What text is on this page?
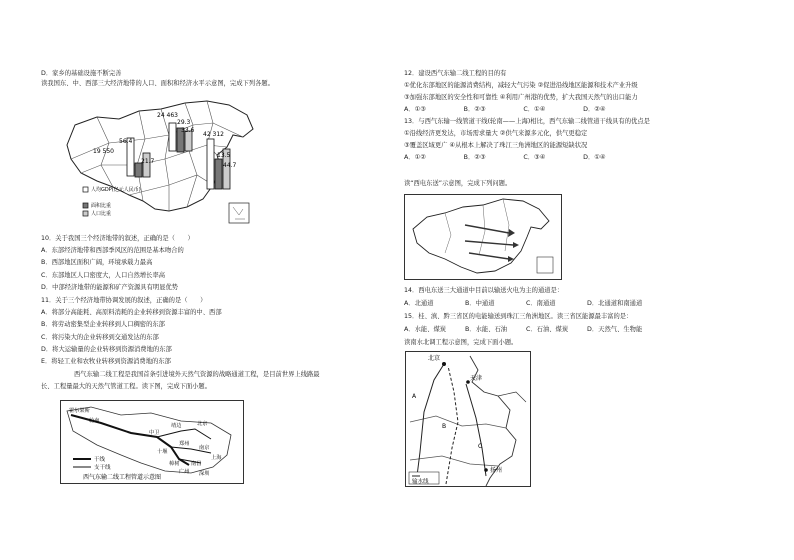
D．家乡的基础设施不断完善
读我国东、中、西部三大经济地带的人口、面积和经济水平示意图，完成下列各题。
56.4
19 550
21.7
24 463
29.3
33.6
42 312
13.5
44.7
人均GDP(亿元人民币)
面积比重
人口比重
10．关于我国三个经济地带的叙述，正确的是（　　）
A．东部经济地带和西部季风区的范围是基本吻合的
B．西部地区面积广阔，环境承载力最高
C．东部地区人口密度大，人口自然增长率高
D．中部经济地带的能源和矿产资源具有明显优势
11．关于三个经济地带协调发展的叙述，正确的是（　　）
A．将部分高能耗、高原料消耗的企业转移到资源丰富的中、西部
B．将劳动密集型企业转移到人口稠密的东部
C．将污染大的企业转移到交通发达的东部
D．将大运输量的企业转移到资源消费地的东部
E．将轻工业和农牧业转移到资源消费地的东部
西气东输二线工程是我国首条引进境外天然气资源的战略通道工程，是目前世界上线路最
长、工程量最大的天然气管道工程。读下图，完成下面小题。
霍尔果斯
轮南
中卫
靖边	北京
郑州
南京
上海
十堰
南昌
广州 深圳
樟树
干线
支干线
西气东输二线工程管道示意图
12．建设西气东输二线工程的目的有
①优化东部地区的能源消费结构，减轻大气污染 ②促进沿线地区能源和技术产业升级
③加强东部地区的安全性和可靠性 ④利用广州港的优势，扩大我国天然气的出口能力
A．①③　　　　　　B．②③　　　　　　C．①④　　　　　　D．②④
13．与西气东输一线管道干线(轮南——上海)相比，西气东输二线管道干线具有的优点是
①沿线经济更发达，市场需求量大 ②供气来源多元化，供气更稳定
③覆盖区域更广 ④从根本上解决了珠江三角洲地区的能源短缺状况
A．①②　　　　　　B．②③　　　　　　C．③④　　　　　　D．①④
读“西电东送”示意图，完成下列问题。
14．西电东送三大通道中目前以输送火电为主的通道是：
A．北通道　　　　　B．中通道　　　　　C．南通道　　　　　D．北通道和南通道
15．桂、滇、黔三省区的电能输送到珠江三角洲地区。读三省区能源最丰富的是：
A．水能、煤炭　　　B．水能、石油　　　C．石油、煤炭　　　D．天然气、生物能
读南水北调工程示意图，完成下面小题。
北京
天津
扬州
A
B
C
输水线
